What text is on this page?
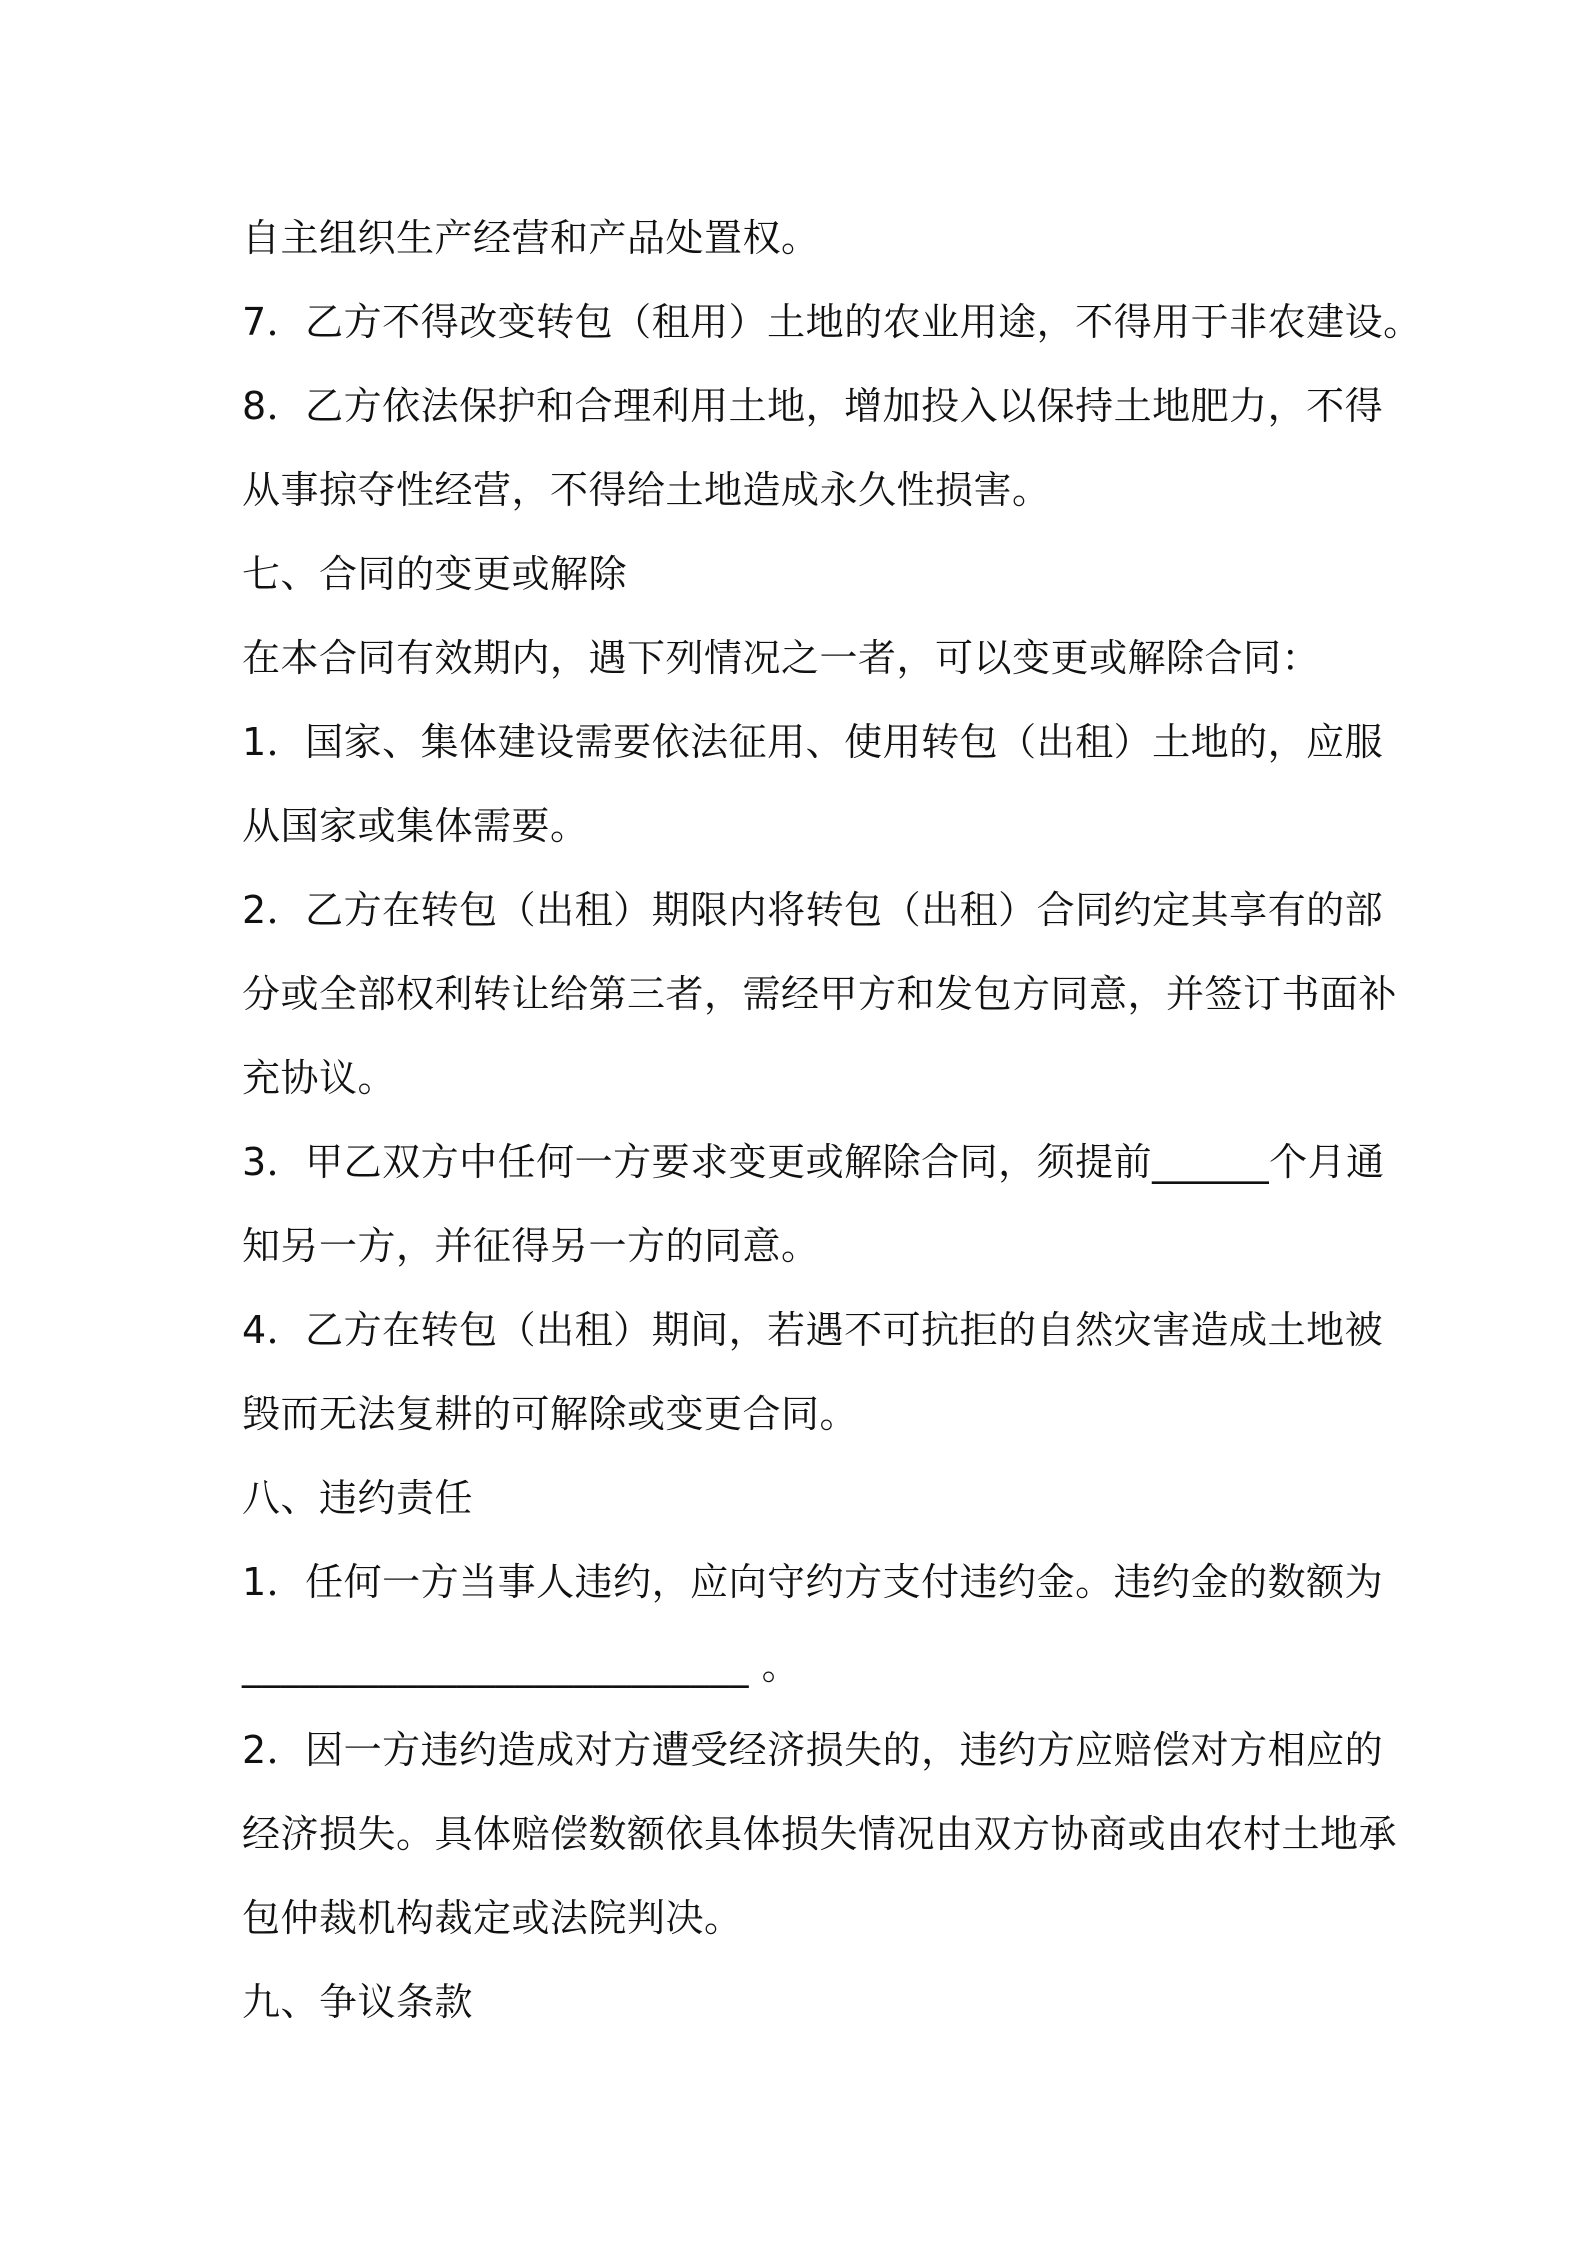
自主组织生产经营和产品处置权。
7．乙方不得改变转包（租用）土地的农业用途，不得用于非农建设。
8．乙方依法保护和合理利用土地，增加投入以保持土地肥力，不得
从事掠夺性经营，不得给土地造成永久性损害。
七、合同的变更或解除
在本合同有效期内，遇下列情况之一者，可以变更或解除合同：
1．国家、集体建设需要依法征用、使用转包（出租）土地的，应服
从国家或集体需要。
2．乙方在转包（出租）期限内将转包（出租）合同约定其享有的部
分或全部权利转让给第三者，需经甲方和发包方同意，并签订书面补
充协议。
3．甲乙双方中任何一方要求变更或解除合同，须提前______个月通
知另一方，并征得另一方的同意。
4．乙方在转包（出租）期间，若遇不可抗拒的自然灾害造成土地被
毁而无法复耕的可解除或变更合同。
八、违约责任
1．任何一方当事人违约，应向守约方支付违约金。违约金的数额为
__________________________ 。
2．因一方违约造成对方遭受经济损失的，违约方应赔偿对方相应的
经济损失。具体赔偿数额依具体损失情况由双方协商或由农村土地承
包仲裁机构裁定或法院判决。
九、争议条款
